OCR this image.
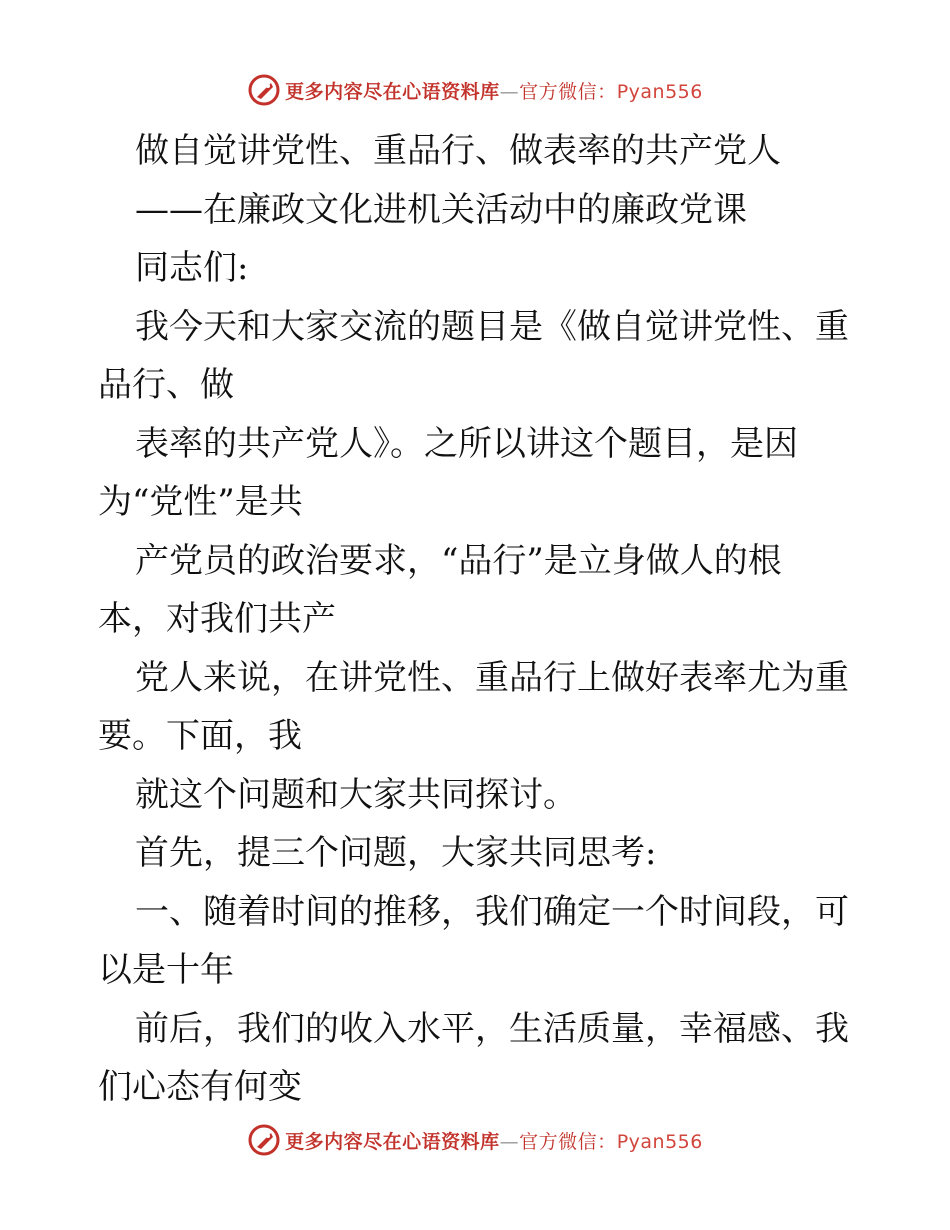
更多内容尽在心语资料库—官方微信：Pyan556
做自觉讲党性、重品行、做表率的共产党人
——在廉政文化进机关活动中的廉政党课
同志们:
我今天和大家交流的题目是《做自觉讲党性、重
品行、做
表率的共产党人》。之所以讲这个题目，是因
为“党性”是共
产党员的政治要求，“品行”是立身做人的根
本，对我们共产
党人来说，在讲党性、重品行上做好表率尤为重
要。下面，我
就这个问题和大家共同探讨。
首先，提三个问题，大家共同思考:
一、随着时间的推移，我们确定一个时间段，可
以是十年
前后，我们的收入水平，生活质量，幸福感、我
们心态有何变
更多内容尽在心语资料库—官方微信：Pyan556
